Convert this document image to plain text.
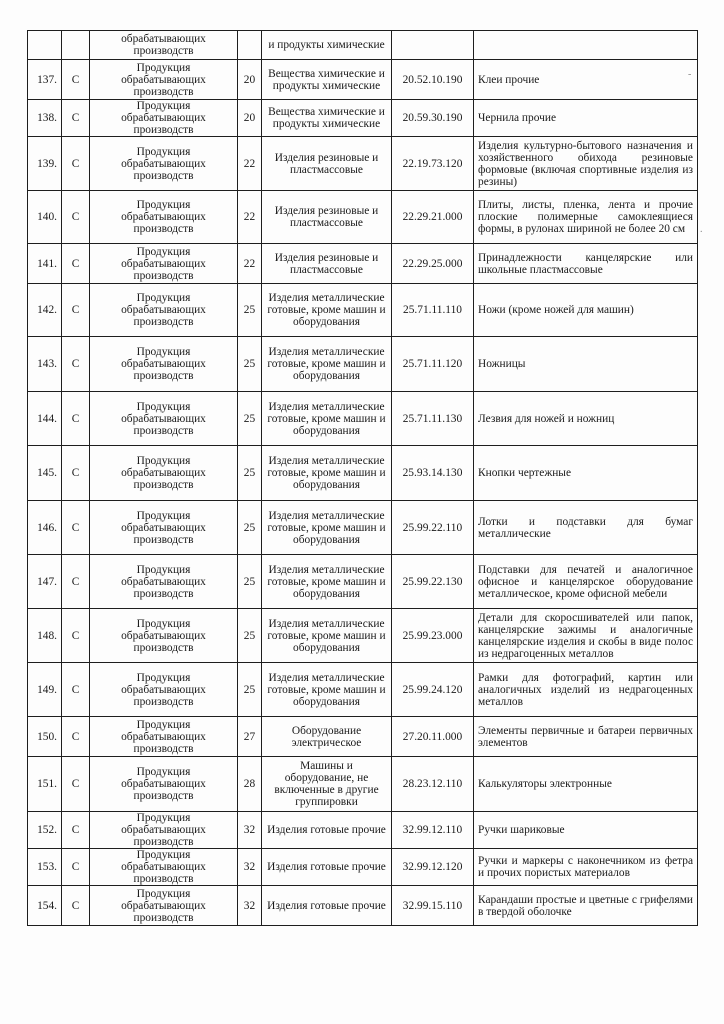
		обрабатывающих производств		и продукты химические		
137.	С	Продукция обрабатывающих производств	20	Вещества химические и продукты химические	20.52.10.190	Клеи прочие
138.	С	Продукция обрабатывающих производств	20	Вещества химические и продукты химические	20.59.30.190	Чернила прочие
139.	С	Продукция обрабатывающих производств	22	Изделия резиновые и пластмассовые	22.19.73.120	Изделия культурно-бытового назначения и хозяйственного обихода резиновые формовые (включая спортивные изделия из резины)
140.	С	Продукция обрабатывающих производств	22	Изделия резиновые и пластмассовые	22.29.21.000	Плиты, листы, пленка, лента и прочие плоские полимерные самоклеящиеся формы, в рулонах шириной не более 20 см
141.	С	Продукция обрабатывающих производств	22	Изделия резиновые и пластмассовые	22.29.25.000	Принадлежности канцелярские или школьные пластмассовые
142.	С	Продукция обрабатывающих производств	25	Изделия металлические готовые, кроме машин и оборудования	25.71.11.110	Ножи (кроме ножей для машин)
143.	С	Продукция обрабатывающих производств	25	Изделия металлические готовые, кроме машин и оборудования	25.71.11.120	Ножницы
144.	С	Продукция обрабатывающих производств	25	Изделия металлические готовые, кроме машин и оборудования	25.71.11.130	Лезвия для ножей и ножниц
145.	С	Продукция обрабатывающих производств	25	Изделия металлические готовые, кроме машин и оборудования	25.93.14.130	Кнопки чертежные
146.	С	Продукция обрабатывающих производств	25	Изделия металлические готовые, кроме машин и оборудования	25.99.22.110	Лотки и подставки для бумаг металлические
147.	С	Продукция обрабатывающих производств	25	Изделия металлические готовые, кроме машин и оборудования	25.99.22.130	Подставки для печатей и аналогичное офисное и канцелярское оборудование металлическое, кроме офисной мебели
148.	С	Продукция обрабатывающих производств	25	Изделия металлические готовые, кроме машин и оборудования	25.99.23.000	Детали для скоросшивателей или папок, канцелярские зажимы и аналогичные канцелярские изделия и скобы в виде полос из недрагоценных металлов
149.	С	Продукция обрабатывающих производств	25	Изделия металлические готовые, кроме машин и оборудования	25.99.24.120	Рамки для фотографий, картин или аналогичных изделий из недрагоценных металлов
150.	С	Продукция обрабатывающих производств	27	Оборудование электрическое	27.20.11.000	Элементы первичные и батареи первичных элементов
151.	С	Продукция обрабатывающих производств	28	Машины и оборудование, не включенные в другие группировки	28.23.12.110	Калькуляторы электронные
152.	С	Продукция обрабатывающих производств	32	Изделия готовые прочие	32.99.12.110	Ручки шариковые
153.	С	Продукция обрабатывающих производств	32	Изделия готовые прочие	32.99.12.120	Ручки и маркеры с наконечником из фетра и прочих пористых материалов
154.	С	Продукция обрабатывающих производств	32	Изделия готовые прочие	32.99.15.110	Карандаши простые и цветные с грифелями в твердой оболочке
-
.
